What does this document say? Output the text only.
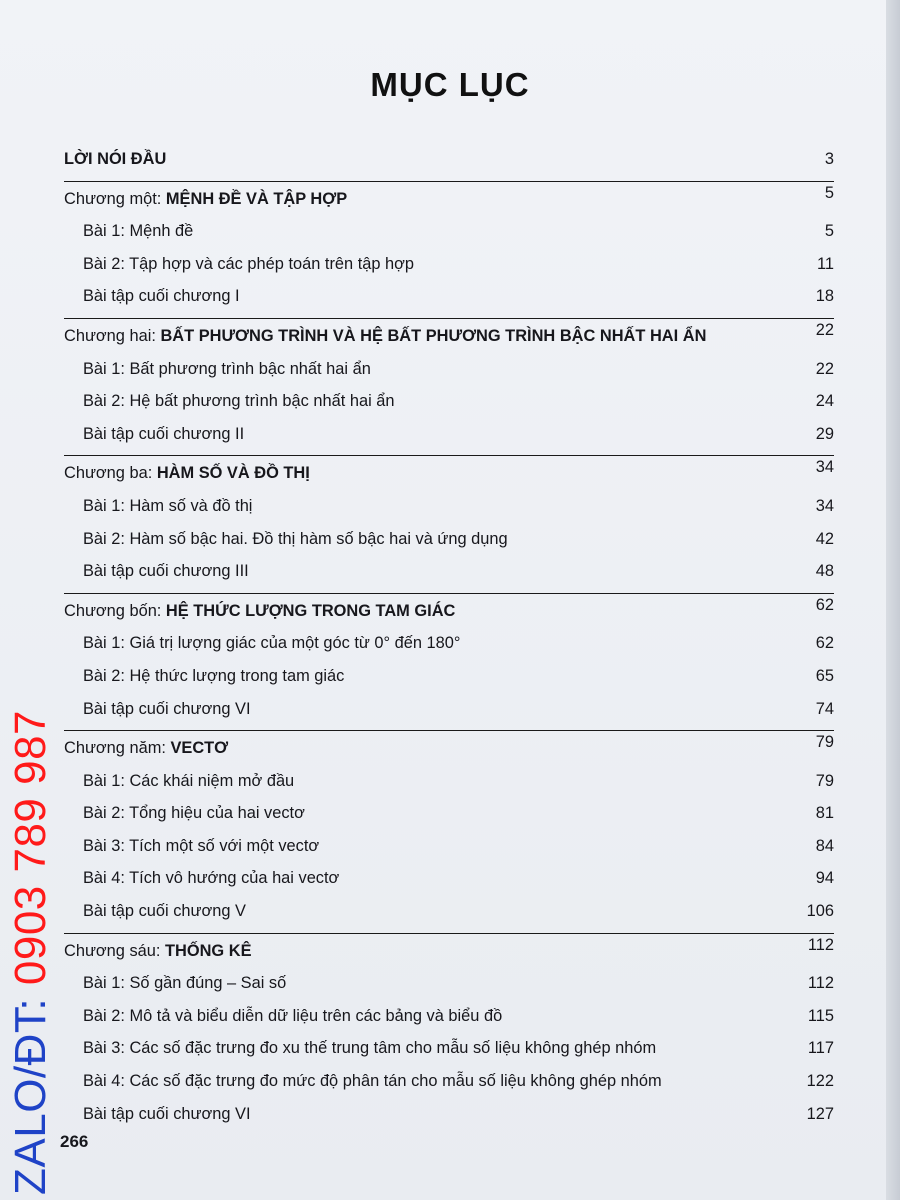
MỤC LỤC
LỜI NÓI ĐẦU	3
Chương một: MỆNH ĐỀ VÀ TẬP HỢP	5
Bài 1: Mệnh đề	5
Bài 2: Tập hợp và các phép toán trên tập hợp	11
Bài tập cuối chương I	18
Chương hai: BẤT PHƯƠNG TRÌNH VÀ HỆ BẤT PHƯƠNG TRÌNH BẬC NHẤT HAI ẨN	22
Bài 1: Bất phương trình bậc nhất hai ẩn	22
Bài 2: Hệ bất phương trình bậc nhất hai ẩn	24
Bài tập cuối chương II	29
Chương ba: HÀM SỐ VÀ ĐỒ THỊ	34
Bài 1: Hàm số và đồ thị	34
Bài 2: Hàm số bậc hai. Đồ thị hàm số bậc hai và ứng dụng	42
Bài tập cuối chương III	48
Chương bốn: HỆ THỨC LƯỢNG TRONG TAM GIÁC	62
Bài 1: Giá trị lượng giác của một góc từ 0° đến 180°	62
Bài 2: Hệ thức lượng trong tam giác	65
Bài tập cuối chương VI	74
Chương năm: VECTƠ	79
Bài 1: Các khái niệm mở đầu	79
Bài 2: Tổng hiệu của hai vectơ	81
Bài 3: Tích một số với một vectơ	84
Bài 4: Tích vô hướng của hai vectơ	94
Bài tập cuối chương V	106
Chương sáu: THỐNG KÊ	112
Bài 1: Số gần đúng – Sai số	112
Bài 2: Mô tả và biểu diễn dữ liệu trên các bảng và biểu đồ	115
Bài 3: Các số đặc trưng đo xu thế trung tâm cho mẫu số liệu không ghép nhóm	117
Bài 4: Các số đặc trưng đo mức độ phân tán cho mẫu số liệu không ghép nhóm	122
Bài tập cuối chương VI	127
266
ZALO/ĐT: 0903 789 987
